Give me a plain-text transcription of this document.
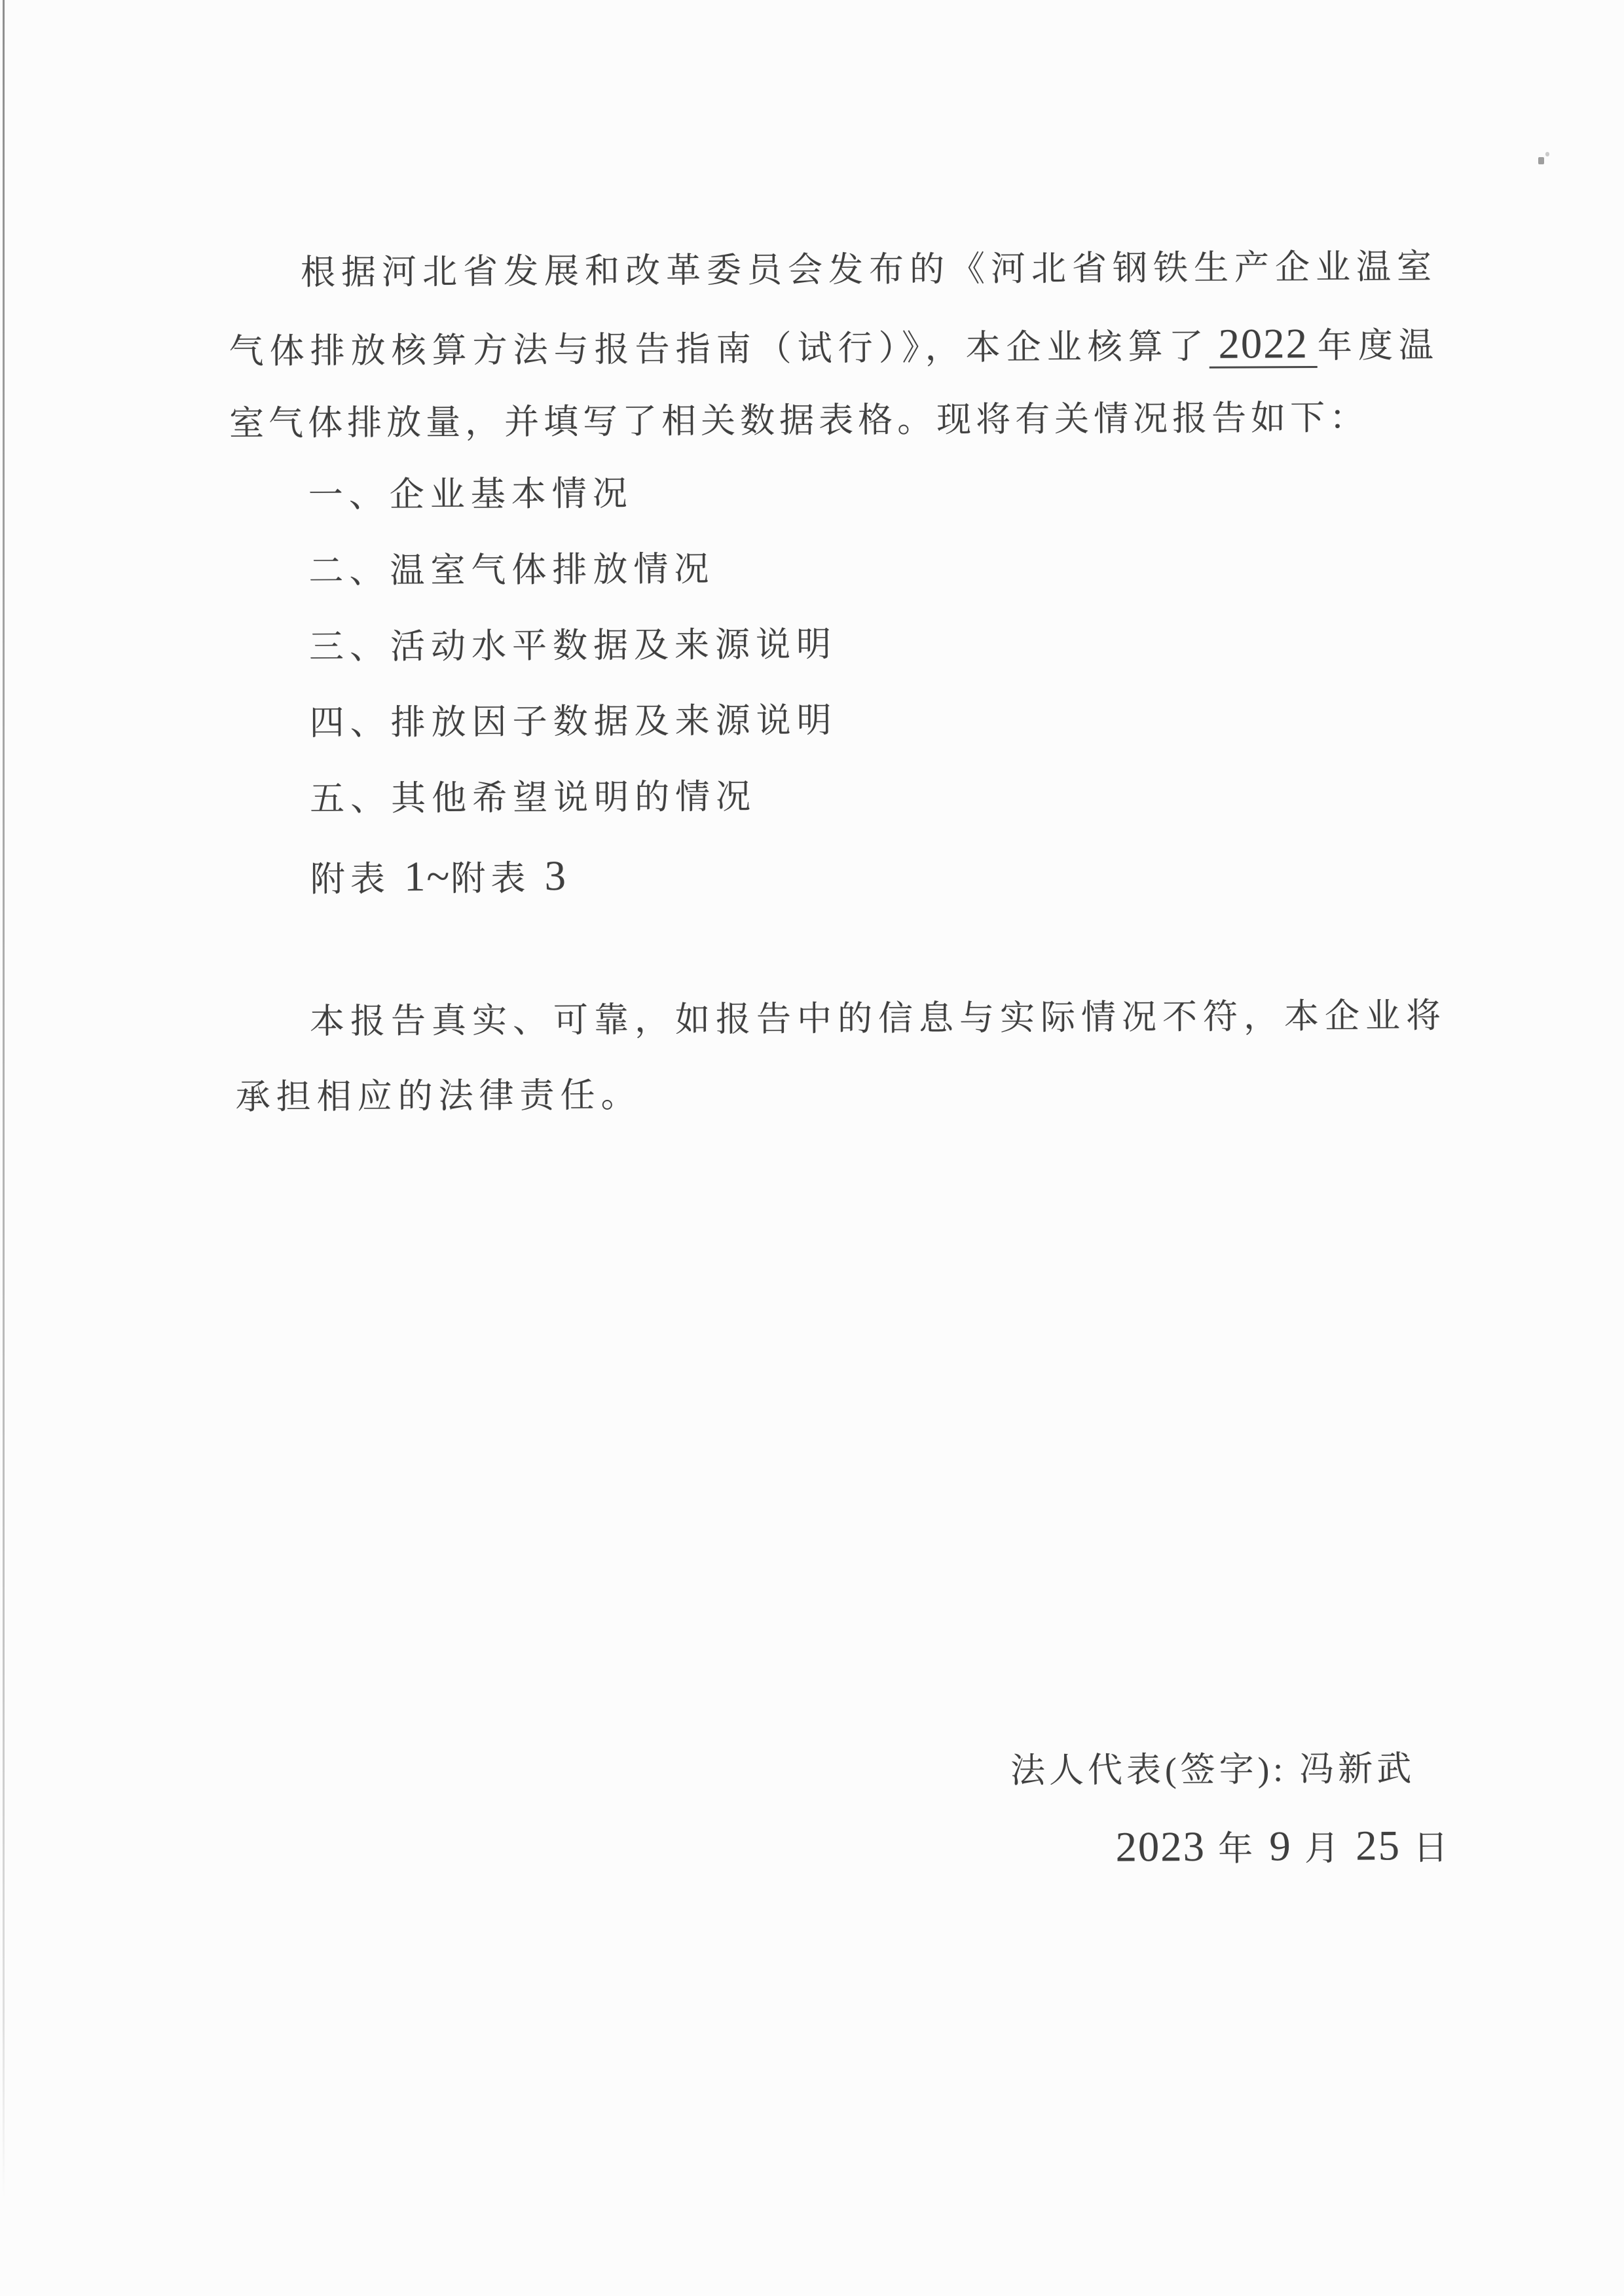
根据河北省发展和改革委员会发布的《河北省钢铁生产企业温室
气体排放核算方法与报告指南（试行）》，本企业核算了 2022 年度温
室气体排放量，并填写了相关数据表格。现将有关情况报告如下：
一、企业基本情况
二、温室气体排放情况
三、活动水平数据及来源说明
四、排放因子数据及来源说明
五、其他希望说明的情况
附表 1~附表 3
本报告真实、可靠，如报告中的信息与实际情况不符，本企业将
承担相应的法律责任。
法人代表(签字): 冯新武
2023 年 9 月 25 日
